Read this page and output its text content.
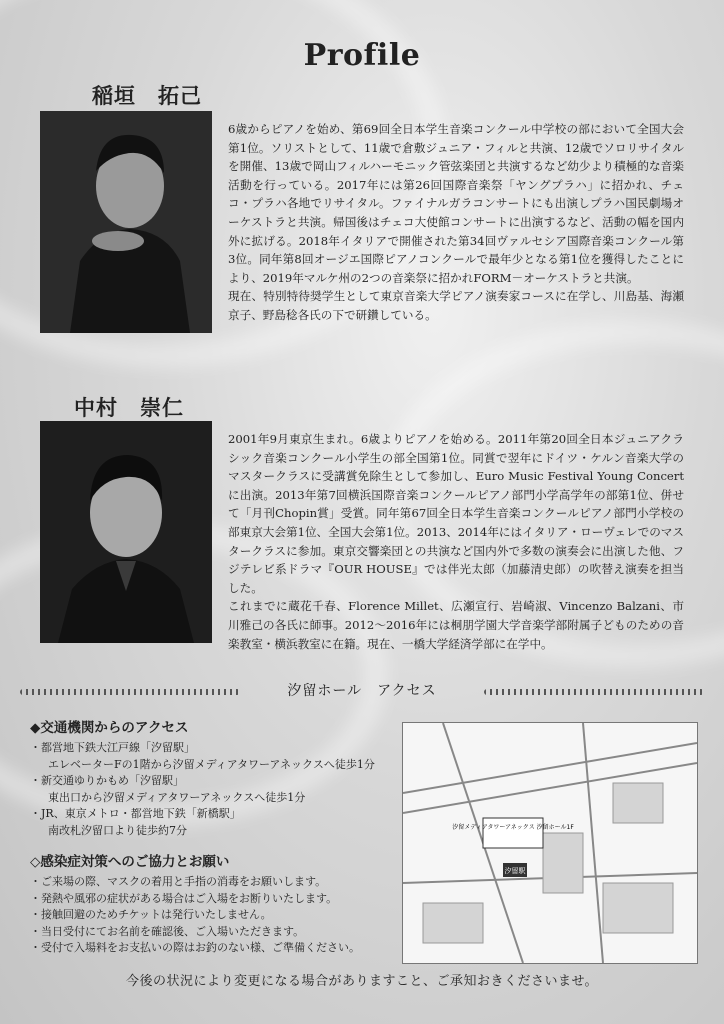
Profile
稲垣　拓己

6歳からピアノを始め、第69回全日本学生音楽コンクール中学校の部において全国大会第1位。ソリストとして、11歳で倉敷ジュニア・フィルと共演、12歳でソロリサイタルを開催、13歳で岡山フィルハーモニック管弦楽団と共演するなど幼少より積極的な音楽活動を行っている。2017年には第26回国際音楽祭「ヤングプラハ」に招かれ、チェコ・プラハ各地でリサイタル。ファイナルガラコンサートにも出演しプラハ国民劇場オーケストラと共演。帰国後はチェコ大使館コンサートに出演するなど、活動の幅を国内外に拡げる。2018年イタリアで開催された第34回ヴァルセシア国際音楽コンクール第3位。同年第8回オージエ国際ピアノコンクールで最年少となる第1位を獲得したことにより、2019年マルケ州の2つの音楽祭に招かれFORM－オーケストラと共演。

現在、特別特待奨学生として東京音楽大学ピアノ演奏家コースに在学し、川島基、海瀬京子、野島稔各氏の下で研鑽している。

中村　崇仁

2001年9月東京生まれ。6歳よりピアノを始める。2011年第20回全日本ジュニアクラシック音楽コンクール小学生の部全国第1位。同賞で翌年にドイツ・ケルン音楽大学のマスタークラスに受講賞免除生として参加し、Euro Music Festival Young Concertに出演。2013年第7回横浜国際音楽コンクールピアノ部門小学高学年の部第1位、併せて「月刊Chopin賞」受賞。同年第67回全日本学生音楽コンクールピアノ部門小学校の部東京大会第1位、全国大会第1位。2013、2014年にはイタリア・ローヴェレでのマスタークラスに参加。東京交響楽団との共演など国内外で多数の演奏会に出演した他、フジテレビ系ドラマ『OUR HOUSE』では伴光太郎（加藤清史郎）の吹替え演奏を担当した。

これまでに蔵花千春、Florence Millet、広瀬宣行、岩崎淑、Vincenzo Balzani、市川雅己の各氏に師事。2012～2016年には桐朋学園大学音楽学部附属子どものための音楽教室・横浜教室に在籍。現在、一橋大学経済学部に在学中。

汐留ホール　アクセス
◆交通機関からのアクセス
・都営地下鉄大江戸線「汐留駅」
エレベーターFの1階から汐留メディアタワーアネックスへ徒歩1分
・新交通ゆりかもめ「汐留駅」
東出口から汐留メディアタワーアネックスへ徒歩1分
・JR、東京メトロ・都営地下鉄「新橋駅」
南改札汐留口より徒歩約7分
◇感染症対策へのご協力とお願い
・ご来場の際、マスクの着用と手指の消毒をお願いします。
・発熱や風邪の症状がある場合はご入場をお断りいたします。
・接触回避のためチケットは発行いたしません。
・当日受付にてお名前を確認後、ご入場いただきます。
・受付で入場料をお支払いの際はお釣のない様、ご準備ください。
汐留メディアタワーアネックス 汐留ホール1F
汐留駅
今後の状況により変更になる場合がありますこと、ご承知おきくださいませ。
